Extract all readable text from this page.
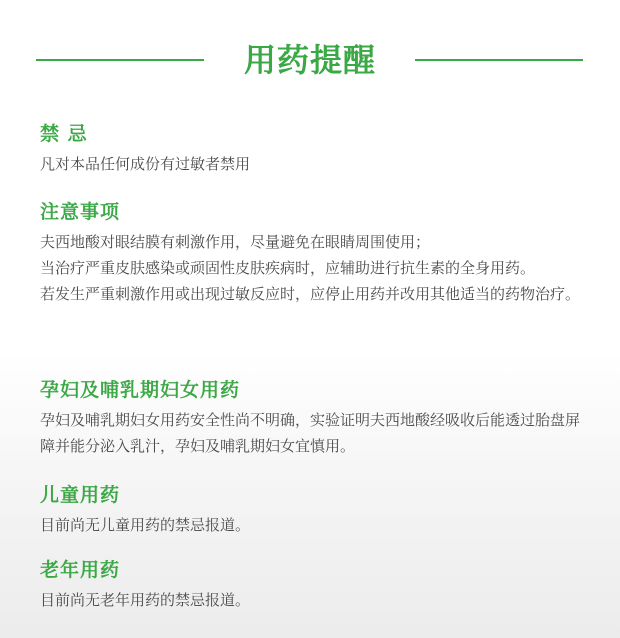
用药提醒
禁 忌

凡对本品任何成份有过敏者禁用

注意事项

夫西地酸对眼结膜有刺激作用，尽量避免在眼睛周围使用；

当治疗严重皮肤感染或顽固性皮肤疾病时，应辅助进行抗生素的全身用药。

若发生严重刺激作用或出现过敏反应时，应停止用药并改用其他适当的药物治疗。

孕妇及哺乳期妇女用药

孕妇及哺乳期妇女用药安全性尚不明确，实验证明夫西地酸经吸收后能透过胎盘屏障并能分泌入乳汁，孕妇及哺乳期妇女宜慎用。

儿童用药

目前尚无儿童用药的禁忌报道。

老年用药

目前尚无老年用药的禁忌报道。
